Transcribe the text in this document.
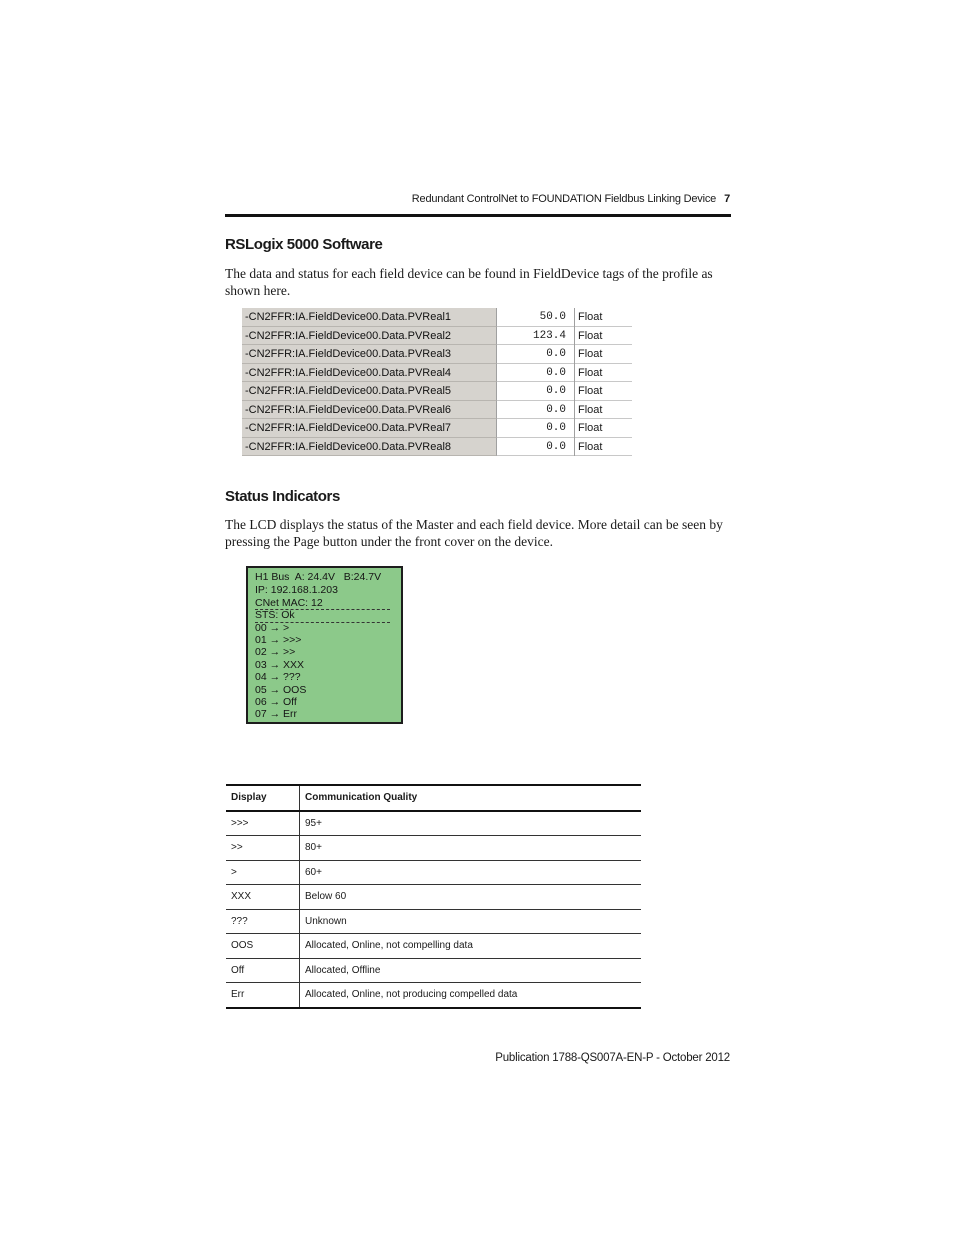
Redundant ControlNet to FOUNDATION Fieldbus Linking Device 7
RSLogix 5000 Software
The data and status for each field device can be found in FieldDevice tags of the profile as shown here.
-CN2FFR:IA.FieldDevice00.Data.PVReal1	50.0	Float
-CN2FFR:IA.FieldDevice00.Data.PVReal2	123.4	Float
-CN2FFR:IA.FieldDevice00.Data.PVReal3	0.0	Float
-CN2FFR:IA.FieldDevice00.Data.PVReal4	0.0	Float
-CN2FFR:IA.FieldDevice00.Data.PVReal5	0.0	Float
-CN2FFR:IA.FieldDevice00.Data.PVReal6	0.0	Float
-CN2FFR:IA.FieldDevice00.Data.PVReal7	0.0	Float
-CN2FFR:IA.FieldDevice00.Data.PVReal8	0.0	Float
Status Indicators
The LCD displays the status of the Master and each field device. More detail can be seen by pressing the Page button under the front cover on the device.
H1 Bus  A: 24.4V   B:24.7V
IP: 192.168.1.203
CNet MAC: 12
STS: Ok
00 → >
01 → >>>
02 → >>
03 → XXX
04 → ???
05 → OOS
06 → Off
07 → Err
Display	Communication Quality
>>>	95+
>>	80+
>	60+
XXX	Below 60
???	Unknown
OOS	Allocated, Online, not compelling data
Off	Allocated, Offline
Err	Allocated, Online, not producing compelled data
Publication 1788-QS007A-EN-P - October 2012
